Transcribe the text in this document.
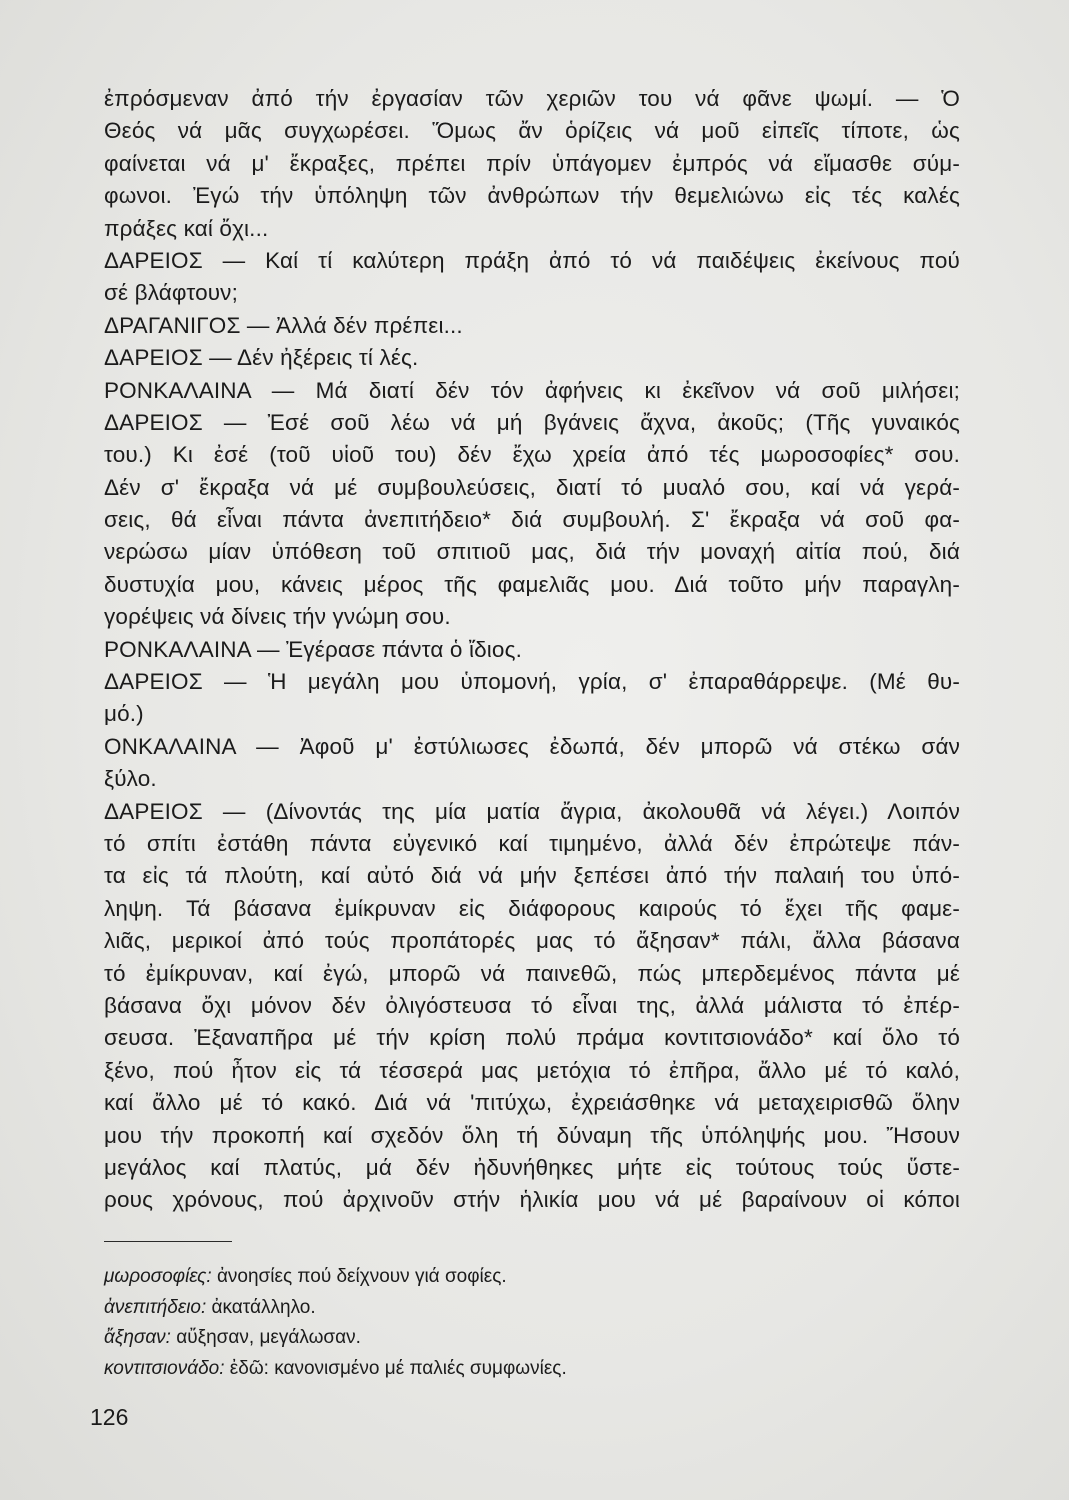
ἐπρόσμεναν ἀπό τήν ἐργασίαν τῶν χεριῶν του νά φᾶνε ψωμί. — Ὁ
Θεός νά μᾶς συγχωρέσει. Ὅμως ἄν ὁρίζεις νά μοῦ εἰπεῖς τίποτε, ὡς
φαίνεται νά μ' ἔκραξες, πρέπει πρίν ὑπάγομεν ἐμπρός νά εἴμασθε σύμ-
φωνοι. Ἐγώ τήν ὑπόληψη τῶν ἀνθρώπων τήν θεμελιώνω εἰς τές καλές
πράξες καί ὄχι...
ΔΑΡΕΙΟΣ — Καί τί καλύτερη πράξη ἀπό τό νά παιδέψεις ἐκείνους πού
σέ βλάφτουν;
ΔΡΑΓΑΝΙΓΟΣ — Ἀλλά δέν πρέπει...
ΔΑΡΕΙΟΣ — Δέν ἠξέρεις τί λές.
ΡΟΝΚΑΛΑΙΝΑ — Μά διατί δέν τόν ἀφήνεις κι ἐκεῖνον νά σοῦ μιλήσει;
ΔΑΡΕΙΟΣ — Ἐσέ σοῦ λέω νά μή βγάνεις ἄχνα, ἀκοῦς; (Τῆς γυναικός
του.) Κι ἐσέ (τοῦ υἱοῦ του) δέν ἔχω χρεία ἀπό τές μωροσοφίες* σου.
Δέν σ' ἔκραξα νά μέ συμβουλεύσεις, διατί τό μυαλό σου, καί νά γερά-
σεις, θά εἶναι πάντα ἀνεπιτήδειο* διά συμβουλή. Σ' ἔκραξα νά σοῦ φα-
νερώσω μίαν ὑπόθεση τοῦ σπιτιοῦ μας, διά τήν μοναχή αἰτία πού, διά
δυστυχία μου, κάνεις μέρος τῆς φαμελιᾶς μου. Διά τοῦτο μήν παραγλη-
γορέψεις νά δίνεις τήν γνώμη σου.
ΡΟΝΚΑΛΑΙΝΑ — Ἐγέρασε πάντα ὁ ἴδιος.
ΔΑΡΕΙΟΣ — Ἡ μεγάλη μου ὑπομονή, γρία, σ' ἐπαραθάρρεψε. (Μέ θυ-
μό.)
ΟΝΚΑΛΑΙΝΑ — Ἀφοῦ μ' ἐστύλιωσες ἐδωπά, δέν μπορῶ νά στέκω σάν
ξύλο.
ΔΑΡΕΙΟΣ — (Δίνοντάς της μία ματία ἄγρια, ἀκολουθᾶ νά λέγει.) Λοιπόν
τό σπίτι ἐστάθη πάντα εὐγενικό καί τιμημένο, ἀλλά δέν ἐπρώτεψε πάν-
τα εἰς τά πλούτη, καί αὐτό διά νά μήν ξεπέσει ἀπό τήν παλαιή του ὑπό-
ληψη. Τά βάσανα ἐμίκρυναν εἰς διάφορους καιρούς τό ἔχει τῆς φαμε-
λιᾶς, μερικοί ἀπό τούς προπάτορές μας τό ἄξησαν* πάλι, ἄλλα βάσανα
τό ἐμίκρυναν, καί ἐγώ, μπορῶ νά παινεθῶ, πώς μπερδεμένος πάντα μέ
βάσανα ὄχι μόνον δέν ὀλιγόστευσα τό εἶναι της, ἀλλά μάλιστα τό ἐπέρ-
σευσα. Ἐξαναπῆρα μέ τήν κρίση πολύ πράμα κοντιτσιονάδο* καί ὅλο τό
ξένο, πού ἦτον εἰς τά τέσσερά μας μετόχια τό ἐπῆρα, ἄλλο μέ τό καλό,
καί ἄλλο μέ τό κακό. Διά νά 'πιτύχω, ἐχρειάσθηκε νά μεταχειρισθῶ ὅλην
μου τήν προκοπή καί σχεδόν ὅλη τή δύναμη τῆς ὑπόληψής μου. Ἤσουν
μεγάλος καί πλατύς, μά δέν ἠδυνήθηκες μήτε εἰς τούτους τούς ὕστε-
ρους χρόνους, πού ἀρχινοῦν στήν ἡλικία μου νά μέ βαραίνουν οἱ κόποι
μωροσοφίες: ἀνοησίες πού δείχνουν γιά σοφίες.
ἀνεπιτήδειο: ἀκατάλληλο.
ἄξησαν: αὔξησαν, μεγάλωσαν.
κοντιτσιονάδο: ἐδῶ: κανονισμένο μέ παλιές συμφωνίες.
126
